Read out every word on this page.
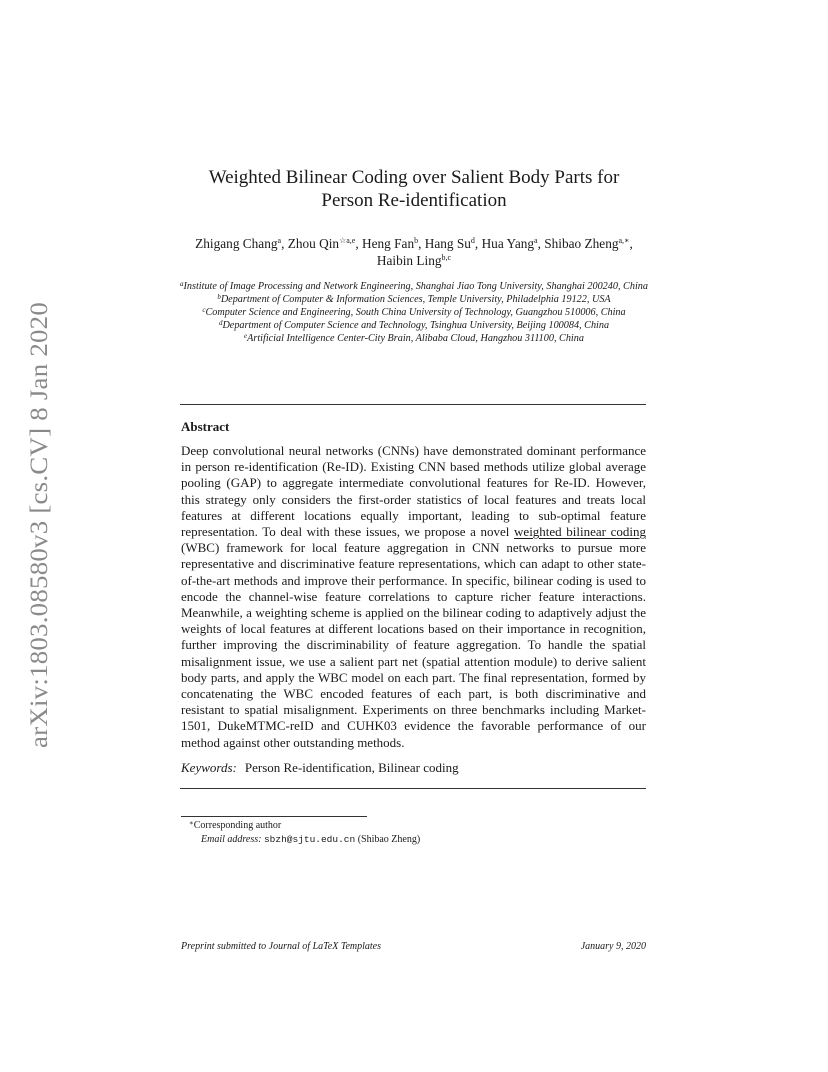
arXiv:1803.08580v3 [cs.CV] 8 Jan 2020
Weighted Bilinear Coding over Salient Body Parts for
Person Re-identification
Zhigang Chang$^a$, Zhou Qin$^{☆a,e}$, Heng Fan$^b$, Hang Su$^d$, Hua Yang$^a$, Shibao Zheng$^{a,∗}$,
Haibin Ling$^{b,c}$
$^a$Institute of Image Processing and Network Engineering, Shanghai Jiao Tong University, Shanghai 200240, China
$^b$Department of Computer & Information Sciences, Temple University, Philadelphia 19122, USA
$^c$Computer Science and Engineering, South China University of Technology, Guangzhou 510006, China
$^d$Department of Computer Science and Technology, Tsinghua University, Beijing 100084, China
$^e$Artificial Intelligence Center-City Brain, Alibaba Cloud, Hangzhou 311100, China
Abstract

Deep convolutional neural networks (CNNs) have demonstrated dominant performance in person re-identification (Re-ID). Existing CNN based methods utilize global average pooling (GAP) to aggregate intermediate convolutional features for Re-ID. However, this strategy only considers the first-order statistics of local features and treats local features at different locations equally important, leading to sub-optimal feature representation. To deal with these issues, we propose a novel weighted bilinear coding (WBC) framework for local feature aggregation in CNN networks to pursue more representative and discriminative feature representations, which can adapt to other state-of-the-art methods and improve their performance. In specific, bilinear coding is used to encode the channel-wise feature correlations to capture richer feature interactions. Meanwhile, a weighting scheme is applied on the bilinear coding to adaptively adjust the weights of local features at different locations based on their importance in recognition, further improving the discriminability of feature aggregation. To handle the spatial misalignment issue, we use a salient part net (spatial attention module) to derive salient body parts, and apply the WBC model on each part. The final representation, formed by concatenating the WBC encoded features of each part, is both discriminative and resistant to spatial misalignment. Experiments on three benchmarks including Market-1501, DukeMTMC-reID and CUHK03 evidence the favorable performance of our method against other outstanding methods.

Keywords: Person Re-identification, Bilinear coding
∗Corresponding author
Email address: sbzh@sjtu.edu.cn (Shibao Zheng)
Preprint submitted to Journal of LaTeX Templates	January 9, 2020
